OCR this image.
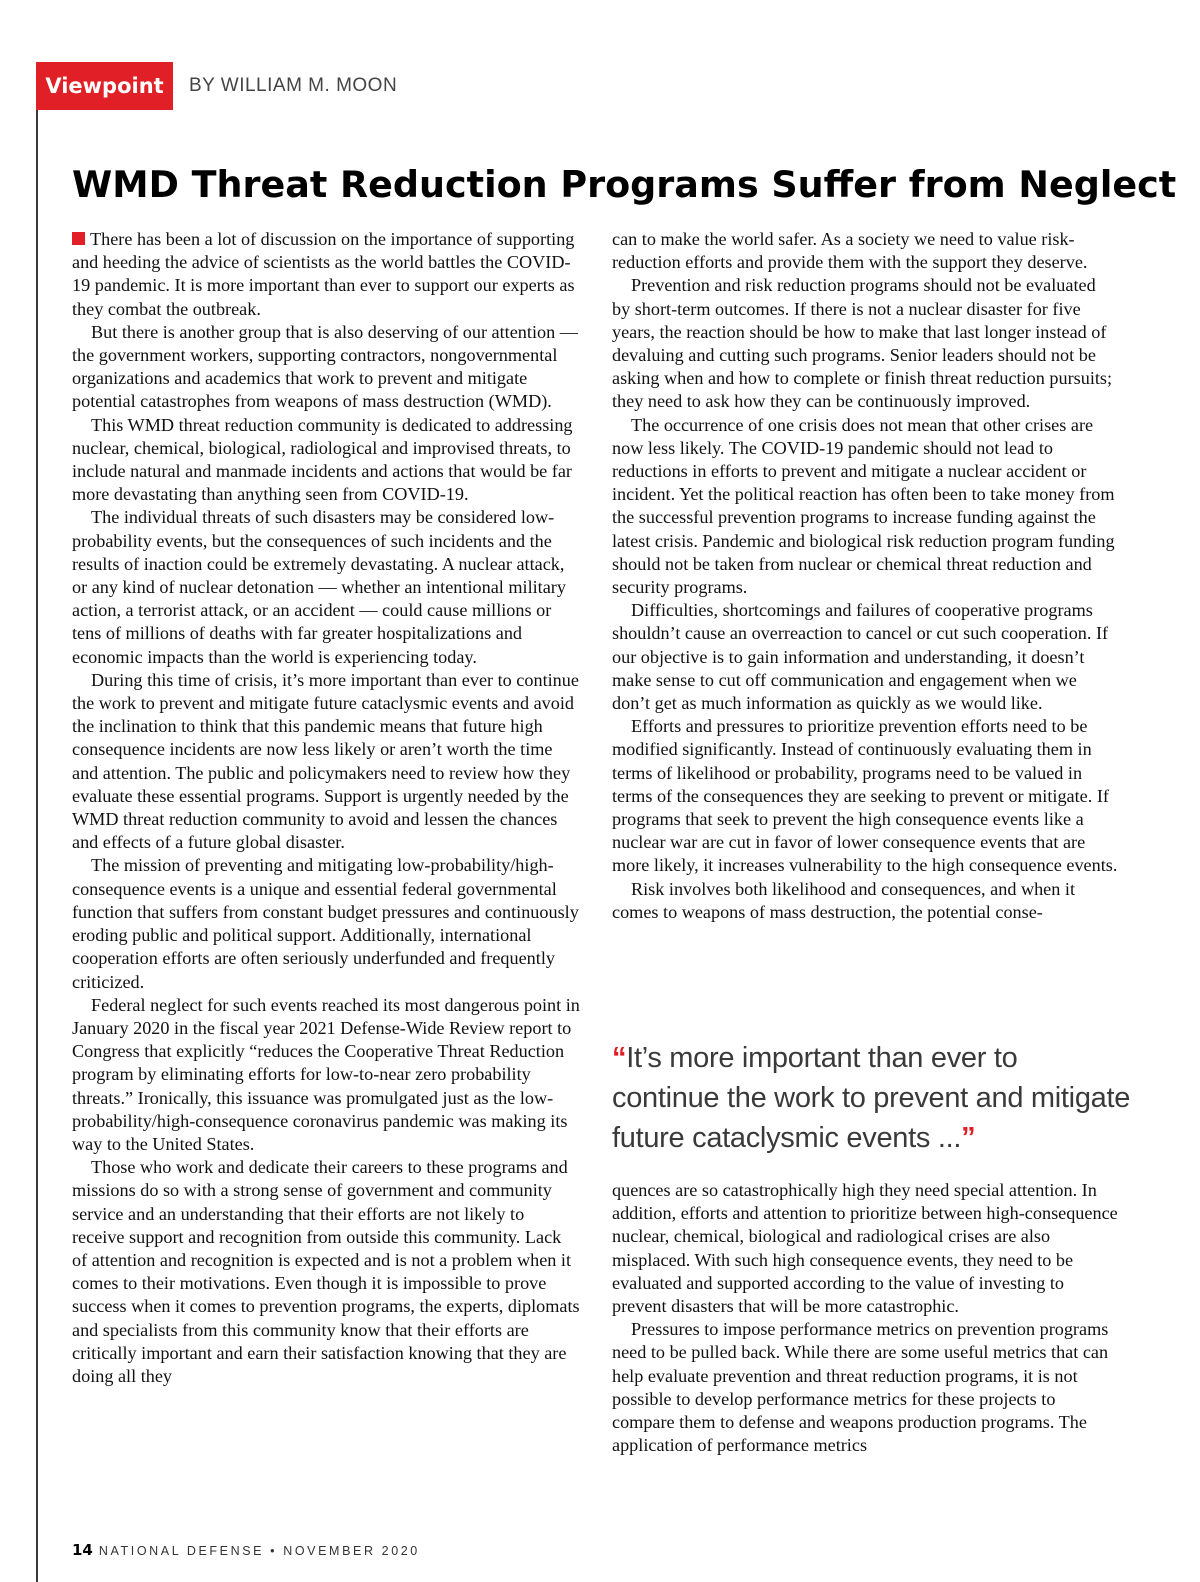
Viewpoint	BY WILLIAM M. MOON
WMD Threat Reduction Programs Suffer from Neglect

There has been a lot of discussion on the importance of supporting and heeding the advice of scientists as the world battles the COVID-19 pandemic. It is more important than ever to support our experts as they combat the outbreak.

But there is another group that is also deserving of our attention — the government workers, supporting contractors, nongovernmental organizations and academics that work to prevent and mitigate potential catastrophes from weapons of mass destruction (WMD).

This WMD threat reduction community is dedicated to addressing nuclear, chemical, biological, radiological and improvised threats, to include natural and manmade incidents and actions that would be far more devastating than anything seen from COVID-19.

The individual threats of such disasters may be considered low-probability events, but the consequences of such incidents and the results of inaction could be extremely devastating. A nuclear attack, or any kind of nuclear detonation — whether an intentional military action, a terrorist attack, or an accident — could cause millions or tens of millions of deaths with far greater hospitalizations and economic impacts than the world is experiencing today.

During this time of crisis, it’s more important than ever to continue the work to prevent and mitigate future cataclysmic events and avoid the inclination to think that this pandemic means that future high consequence incidents are now less likely or aren’t worth the time and attention. The public and policymakers need to review how they evaluate these essential programs. Support is urgently needed by the WMD threat reduction community to avoid and lessen the chances and effects of a future global disaster.

The mission of preventing and mitigating low-probability/high-consequence events is a unique and essential federal governmental function that suffers from constant budget pressures and continuously eroding public and political support. Additionally, international cooperation efforts are often seriously underfunded and frequently criticized.

Federal neglect for such events reached its most dangerous point in January 2020 in the fiscal year 2021 Defense-Wide Review report to Congress that explicitly “reduces the Cooperative Threat Reduction program by eliminating efforts for low-to-near zero probability threats.” Ironically, this issuance was promulgated just as the low-probability/high-consequence coronavirus pandemic was making its way to the United States.

Those who work and dedicate their careers to these programs and missions do so with a strong sense of government and community service and an understanding that their efforts are not likely to receive support and recognition from outside this community. Lack of attention and recognition is expected and is not a problem when it comes to their motivations. Even though it is impossible to prove success when it comes to prevention programs, the experts, diplomats and specialists from this community know that their efforts are critically important and earn their satisfaction knowing that they are doing all they

can to make the world safer. As a society we need to value risk-reduction efforts and provide them with the support they deserve.

Prevention and risk reduction programs should not be evaluated by short-term outcomes. If there is not a nuclear disaster for five years, the reaction should be how to make that last longer instead of devaluing and cutting such programs. Senior leaders should not be asking when and how to complete or finish threat reduction pursuits; they need to ask how they can be continuously improved.

The occurrence of one crisis does not mean that other crises are now less likely. The COVID-19 pandemic should not lead to reductions in efforts to prevent and mitigate a nuclear accident or incident. Yet the political reaction has often been to take money from the successful prevention programs to increase funding against the latest crisis. Pandemic and biological risk reduction program funding should not be taken from nuclear or chemical threat reduction and security programs.

Difficulties, shortcomings and failures of cooperative programs shouldn’t cause an overreaction to cancel or cut such cooperation. If our objective is to gain information and understanding, it doesn’t make sense to cut off communication and engagement when we don’t get as much information as quickly as we would like.

Efforts and pressures to prioritize prevention efforts need to be modified significantly. Instead of continuously evaluating them in terms of likelihood or probability, programs need to be valued in terms of the consequences they are seeking to prevent or mitigate. If programs that seek to prevent the high consequence events like a nuclear war are cut in favor of lower consequence events that are more likely, it increases vulnerability to the high consequence events.

Risk involves both likelihood and consequences, and when it comes to weapons of mass destruction, the potential conse-

“It’s more important than ever to continue the work to prevent and mitigate future cataclysmic events ...”

quences are so catastrophically high they need special attention. In addition, efforts and attention to prioritize between high-consequence nuclear, chemical, biological and radiological crises are also misplaced. With such high consequence events, they need to be evaluated and supported according to the value of investing to prevent disasters that will be more catastrophic.

Pressures to impose performance metrics on prevention programs need to be pulled back. While there are some useful metrics that can help evaluate prevention and threat reduction programs, it is not possible to develop performance metrics for these projects to compare them to defense and weapons production programs. The application of performance metrics

14 NATIONAL DEFENSE • NOVEMBER 2020
